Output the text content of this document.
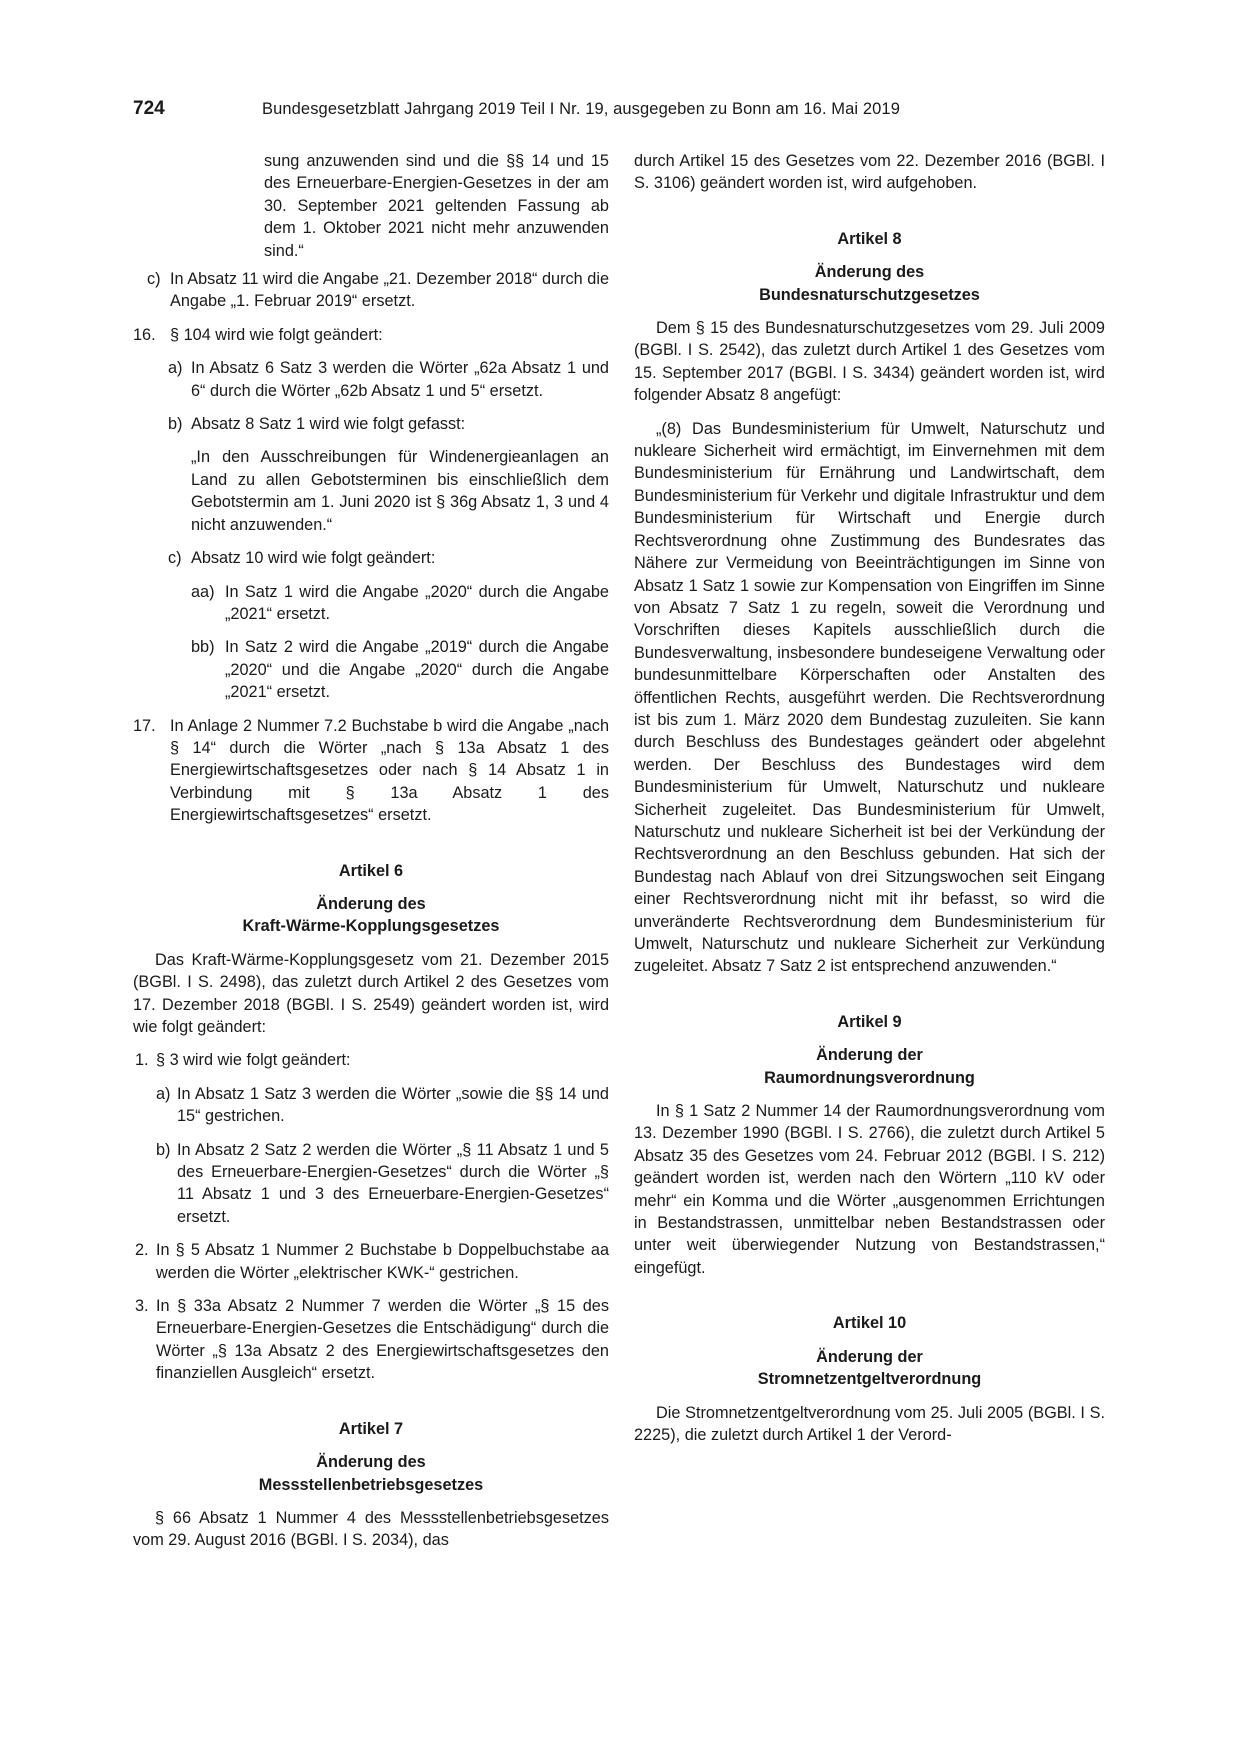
724	Bundesgesetzblatt Jahrgang 2019 Teil I Nr. 19, ausgegeben zu Bonn am 16. Mai 2019

sung anzuwenden sind und die §§ 14 und 15 des Erneuerbare-Energien-Gesetzes in der am 30. September 2021 geltenden Fassung ab dem 1. Oktober 2021 nicht mehr anzuwenden sind.“

c) In Absatz 11 wird die Angabe „21. Dezember 2018“ durch die Angabe „1. Februar 2019“ ersetzt.

16. § 104 wird wie folgt geändert:

a) In Absatz 6 Satz 3 werden die Wörter „62a Absatz 1 und 6“ durch die Wörter „62b Absatz 1 und 5“ ersetzt.

b) Absatz 8 Satz 1 wird wie folgt gefasst:

„In den Ausschreibungen für Windenergieanlagen an Land zu allen Gebotsterminen bis einschließlich dem Gebotstermin am 1. Juni 2020 ist § 36g Absatz 1, 3 und 4 nicht anzuwenden.“

c) Absatz 10 wird wie folgt geändert:

aa) In Satz 1 wird die Angabe „2020“ durch die Angabe „2021“ ersetzt.

bb) In Satz 2 wird die Angabe „2019“ durch die Angabe „2020“ und die Angabe „2020“ durch die Angabe „2021“ ersetzt.

17. In Anlage 2 Nummer 7.2 Buchstabe b wird die Angabe „nach § 14“ durch die Wörter „nach § 13a Absatz 1 des Energiewirtschaftsgesetzes oder nach § 14 Absatz 1 in Verbindung mit § 13a Absatz 1 des Energiewirtschaftsgesetzes“ ersetzt.

Artikel 6

Änderung des

Kraft-Wärme-Kopplungsgesetzes

Das Kraft-Wärme-Kopplungsgesetz vom 21. Dezember 2015 (BGBl. I S. 2498), das zuletzt durch Artikel 2 des Gesetzes vom 17. Dezember 2018 (BGBl. I S. 2549) geändert worden ist, wird wie folgt geändert:

1. § 3 wird wie folgt geändert:

a) In Absatz 1 Satz 3 werden die Wörter „sowie die §§ 14 und 15“ gestrichen.

b) In Absatz 2 Satz 2 werden die Wörter „§ 11 Absatz 1 und 5 des Erneuerbare-Energien-Gesetzes“ durch die Wörter „§ 11 Absatz 1 und 3 des Erneuerbare-Energien-Gesetzes“ ersetzt.

2. In § 5 Absatz 1 Nummer 2 Buchstabe b Doppelbuchstabe aa werden die Wörter „elektrischer KWK-“ gestrichen.

3. In § 33a Absatz 2 Nummer 7 werden die Wörter „§ 15 des Erneuerbare-Energien-Gesetzes die Entschädigung“ durch die Wörter „§ 13a Absatz 2 des Energiewirtschaftsgesetzes den finanziellen Ausgleich“ ersetzt.

Artikel 7

Änderung des

Messstellenbetriebsgesetzes

§ 66 Absatz 1 Nummer 4 des Messstellenbetriebsgesetzes vom 29. August 2016 (BGBl. I S. 2034), das

durch Artikel 15 des Gesetzes vom 22. Dezember 2016 (BGBl. I S. 3106) geändert worden ist, wird aufgehoben.

Artikel 8

Änderung des

Bundesnaturschutzgesetzes

Dem § 15 des Bundesnaturschutzgesetzes vom 29. Juli 2009 (BGBl. I S. 2542), das zuletzt durch Artikel 1 des Gesetzes vom 15. September 2017 (BGBl. I S. 3434) geändert worden ist, wird folgender Absatz 8 angefügt:

„(8) Das Bundesministerium für Umwelt, Naturschutz und nukleare Sicherheit wird ermächtigt, im Einvernehmen mit dem Bundesministerium für Ernährung und Landwirtschaft, dem Bundesministerium für Verkehr und digitale Infrastruktur und dem Bundesministerium für Wirtschaft und Energie durch Rechtsverordnung ohne Zustimmung des Bundesrates das Nähere zur Vermeidung von Beeinträchtigungen im Sinne von Absatz 1 Satz 1 sowie zur Kompensation von Eingriffen im Sinne von Absatz 7 Satz 1 zu regeln, soweit die Verordnung und Vorschriften dieses Kapitels ausschließlich durch die Bundesverwaltung, insbesondere bundeseigene Verwaltung oder bundesunmittelbare Körperschaften oder Anstalten des öffentlichen Rechts, ausgeführt werden. Die Rechtsverordnung ist bis zum 1. März 2020 dem Bundestag zuzuleiten. Sie kann durch Beschluss des Bundestages geändert oder abgelehnt werden. Der Beschluss des Bundestages wird dem Bundesministerium für Umwelt, Naturschutz und nukleare Sicherheit zugeleitet. Das Bundesministerium für Umwelt, Naturschutz und nukleare Sicherheit ist bei der Verkündung der Rechtsverordnung an den Beschluss gebunden. Hat sich der Bundestag nach Ablauf von drei Sitzungswochen seit Eingang einer Rechtsverordnung nicht mit ihr befasst, so wird die unveränderte Rechtsverordnung dem Bundesministerium für Umwelt, Naturschutz und nukleare Sicherheit zur Verkündung zugeleitet. Absatz 7 Satz 2 ist entsprechend anzuwenden.“

Artikel 9

Änderung der

Raumordnungsverordnung

In § 1 Satz 2 Nummer 14 der Raumordnungsverordnung vom 13. Dezember 1990 (BGBl. I S. 2766), die zuletzt durch Artikel 5 Absatz 35 des Gesetzes vom 24. Februar 2012 (BGBl. I S. 212) geändert worden ist, werden nach den Wörtern „110 kV oder mehr“ ein Komma und die Wörter „ausgenommen Errichtungen in Bestandstrassen, unmittelbar neben Bestandstrassen oder unter weit überwiegender Nutzung von Bestandstrassen,“ eingefügt.

Artikel 10

Änderung der

Stromnetzentgeltverordnung

Die Stromnetzentgeltverordnung vom 25. Juli 2005 (BGBl. I S. 2225), die zuletzt durch Artikel 1 der Verord-
